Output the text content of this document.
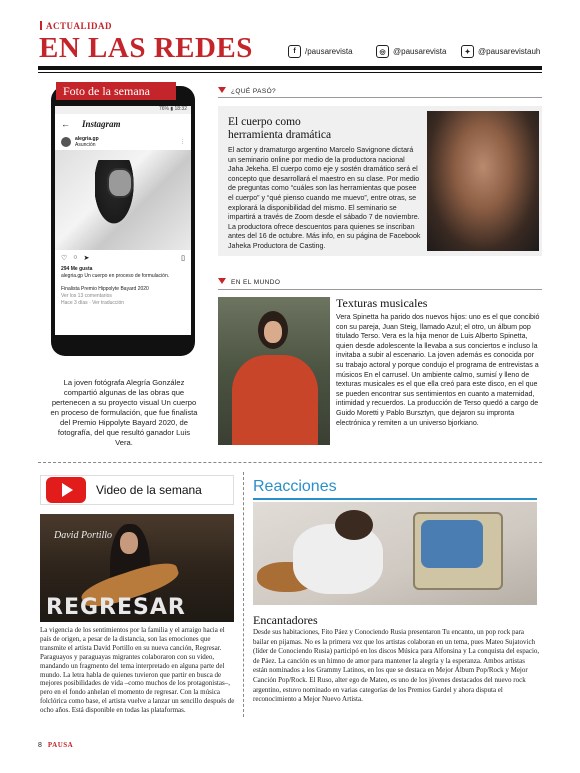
ACTUALIDAD
EN LAS REDES	f	/pausarevista	◎ @pausarevista	✦ @pausarevistauh
Foto de la semana
76% ▮ 18:32
← Instagram
alegria.gp
Asunción	⋮
♡ ○ ➤	▯
294 Me gusta
alegria.gp Un cuerpo en proceso de formulación.
Finalista Premio Hippolyte Bayard 2020
Ver los 13 comentarios
Hace 3 días · Ver traducción
La joven fotógrafa Alegría González compartió algunas de las obras que pertenecen a su proyecto visual Un cuerpo en proceso de formulación, que fue finalista del Premio Hippolyte Bayard 2020, de fotografía, del que resultó ganador Luis Vera.
¿QUÉ PASÓ?
El cuerpo como
herramienta dramática
El actor y dramaturgo argentino Marcelo Savignone dictará un seminario online por medio de la productora nacional Jaha Jekeha. El cuerpo como eje y sostén dramático será el concepto que desarrollará el maestro en su clase. Por medio de preguntas como “cuáles son las herramientas que posee el cuerpo” y “qué pienso cuando me muevo”, entre otras, se explorará la disponibilidad del mismo. El seminario se impartirá a través de Zoom desde el sábado 7 de noviembre. La productora ofrece descuentos para quienes se inscriban antes del 16 de octubre. Más info, en su página de Facebook Jaheka Productora de Casting.
EN EL MUNDO
Texturas musicales
Vera Spinetta ha parido dos nuevos hijos: uno es el que concibió con su pareja, Juan Steig, llamado Azul; el otro, un álbum pop titulado Terso. Vera es la hija menor de Luis Alberto Spinetta, quien desde adolescente la llevaba a sus conciertos e incluso la invitaba a subir al escenario. La joven además es conocida por su trabajo actoral y porque condujo el programa de entrevistas a músicos En el carrusel. Un ambiente calmo, sumisí y lleno de texturas musicales es el que ella creó para este disco, en el que se pueden encontrar sus sentimientos en cuanto a maternidad, intimidad y recuerdos. La producción de Terso quedó a cargo de Guido Moretti y Pablo Bursztyn, que dejaron su impronta electrónica y remiten a un universo bjorkiano.
Video de la semana
David Portillo
REGRESAR
La vigencia de los sentimientos por la familia y el arraigo hacia el país de origen, a pesar de la distancia, son las emociones que transmite el artista David Portillo en su nueva canción, Regresar. Paraguayos y paraguayas migrantes colaboraron con su video, mandando un fragmento del tema interpretado en alguna parte del mundo. La letra habla de quienes tuvieron que partir en busca de mejores posibilidades de vida –como muchos de los protagonistas–, pero en el fondo anhelan el momento de regresar. Con la música folclórica como base, el artista vuelve a lanzar un sencillo después de ocho años. Está disponible en todas las plataformas.
Reacciones
Encantadores
Desde sus habitaciones, Fito Páez y Conociendo Rusia presentaron Tu encanto, un pop rock para bailar en pijamas. No es la primera vez que los artistas colaboran en un tema, pues Mateo Sujatovich (líder de Conociendo Rusia) participó en los discos Música para Alfonsina y La conquista del espacio, de Páez. La canción es un himno de amor para mantener la alegría y la esperanza. Ambos artistas están nominados a los Grammy Latinos, en los que se destaca en Mejor Álbum Pop/Rock y Mejor Canción Pop/Rock. El Ruso, alter ego de Mateo, es uno de los jóvenes destacados del nuevo rock argentino, estuvo nominado en varias categorías de los Premios Gardel y ahora disputa el reconocimiento a Mejor Nuevo Artista.
8 PAUSA
